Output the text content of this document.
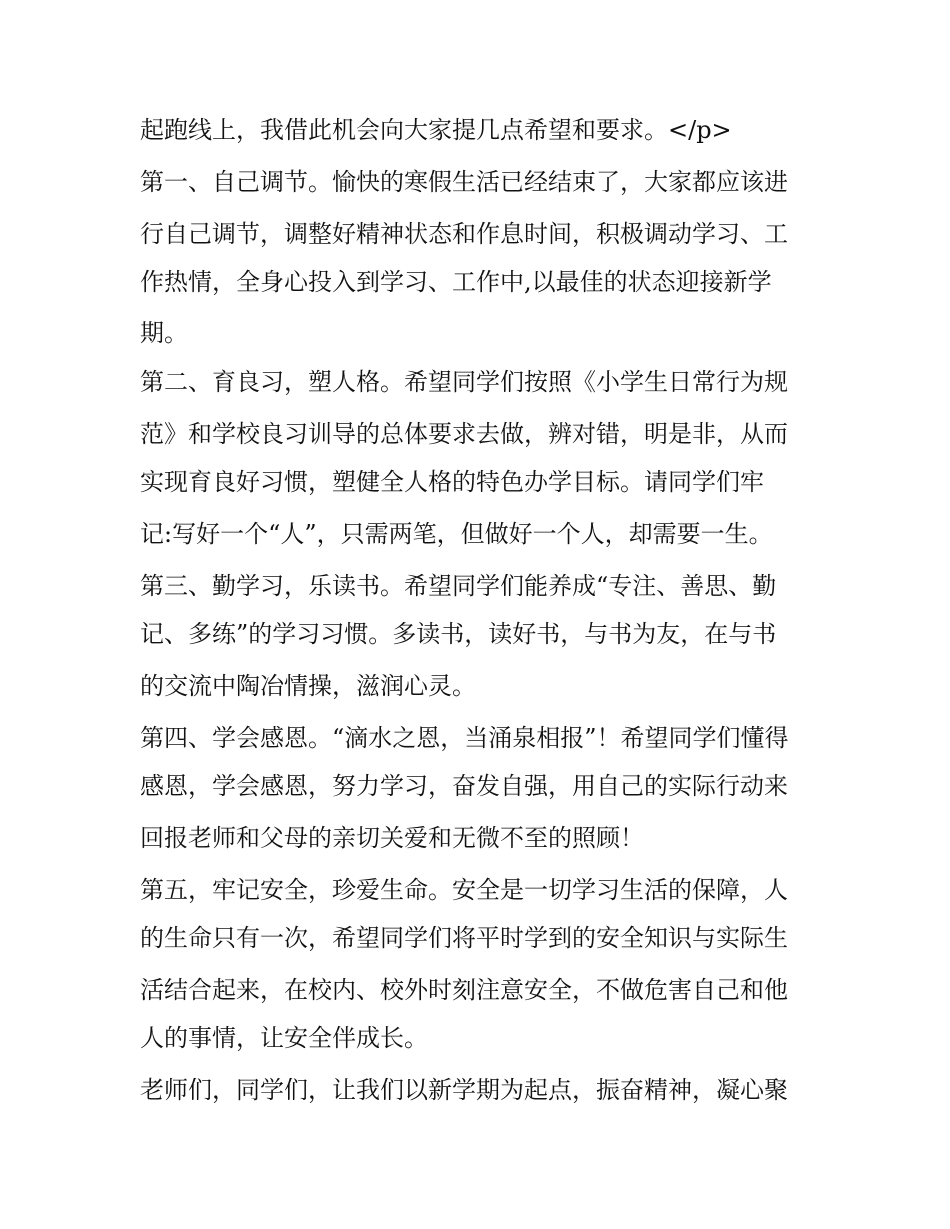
起跑线上，我借此机会向大家提几点希望和要求。</p>
第一、自己调节。愉快的寒假生活已经结束了，大家都应该进
行自己调节，调整好精神状态和作息时间，积极调动学习、工
作热情，全身心投入到学习、工作中,以最佳的状态迎接新学
期。
第二、育良习，塑人格。希望同学们按照《小学生日常行为规
范》和学校良习训导的总体要求去做，辨对错，明是非，从而
实现育良好习惯，塑健全人格的特色办学目标。请同学们牢
记:写好一个“人”，只需两笔，但做好一个人，却需要一生。
第三、勤学习，乐读书。希望同学们能养成“专注、善思、勤
记、多练”的学习习惯。多读书，读好书，与书为友，在与书
的交流中陶冶情操，滋润心灵。
第四、学会感恩。“滴水之恩，当涌泉相报”！希望同学们懂得
感恩，学会感恩，努力学习，奋发自强，用自己的实际行动来
回报老师和父母的亲切关爱和无微不至的照顾！
第五，牢记安全，珍爱生命。安全是一切学习生活的保障，人
的生命只有一次，希望同学们将平时学到的安全知识与实际生
活结合起来，在校内、校外时刻注意安全，不做危害自己和他
人的事情，让安全伴成长。
老师们，同学们，让我们以新学期为起点，振奋精神，凝心聚
